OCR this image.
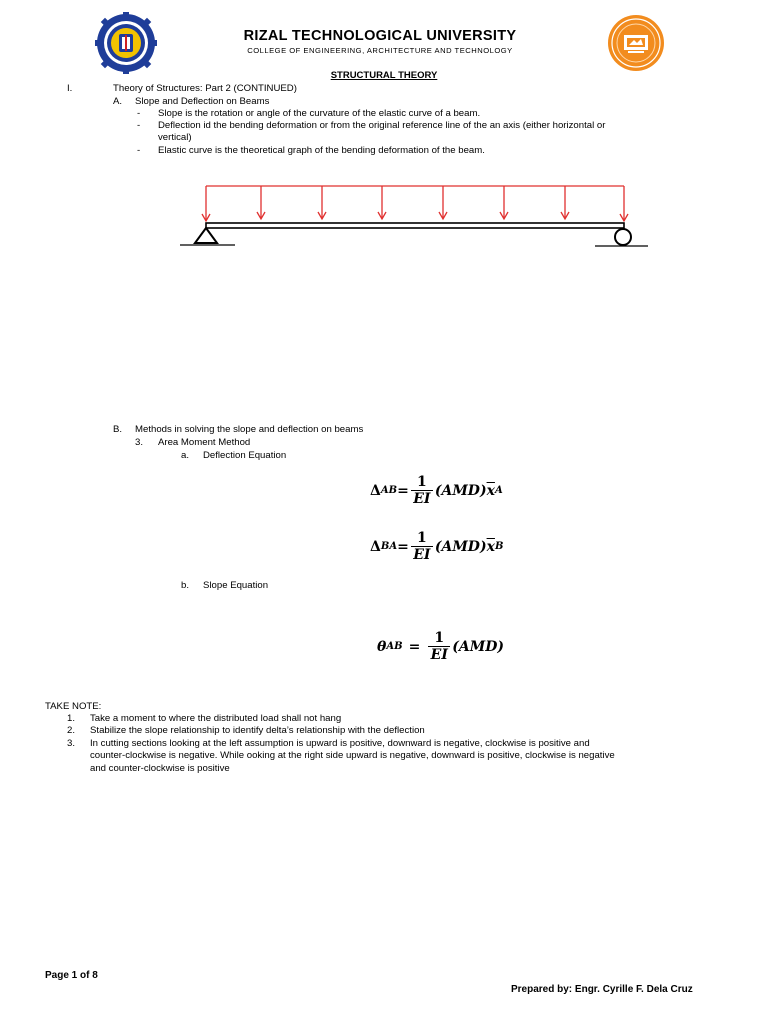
RIZAL TECHNOLOGICAL UNIVERSITY
COLLEGE OF ENGINEERING, ARCHITECTURE AND TECHNOLOGY
STRUCTURAL THEORY
I.	Theory of Structures: Part 2 (CONTINUED)
A. Slope and Deflection on Beams
- Slope is the rotation or angle of the curvature of the elastic curve of a beam.
- Deflection id the bending deformation or from the original reference line of the an axis (either horizontal or
vertical)
- Elastic curve is the theoretical graph of the bending deformation of the beam.
B. Methods in solving the slope and deflection on beams
3. Area Moment Method
a. Deflection Equation
Δ AB = $\frac{1}{EI} (AMD)$ $\overline{x}$ A
Δ BA = $\frac{1}{EI} (AMD)$ $\overline{x}$ B
b. Slope Equation
θ AB = $\frac{1}{EI} (AMD)$
TAKE NOTE:
1. Take a moment to where the distributed load shall not hang
2. Stabilize the slope relationship to identify delta’s relationship with the deflection
3. In cutting sections looking at the left assumption is upward is positive, downward is negative, clockwise is positive and
counter-clockwise is negative. While ooking at the right side upward is negative, downward is positive, clockwise is negative
and counter-clockwise is positive
Page 1 of 8
Prepared by: Engr. Cyrille F. Dela Cruz
